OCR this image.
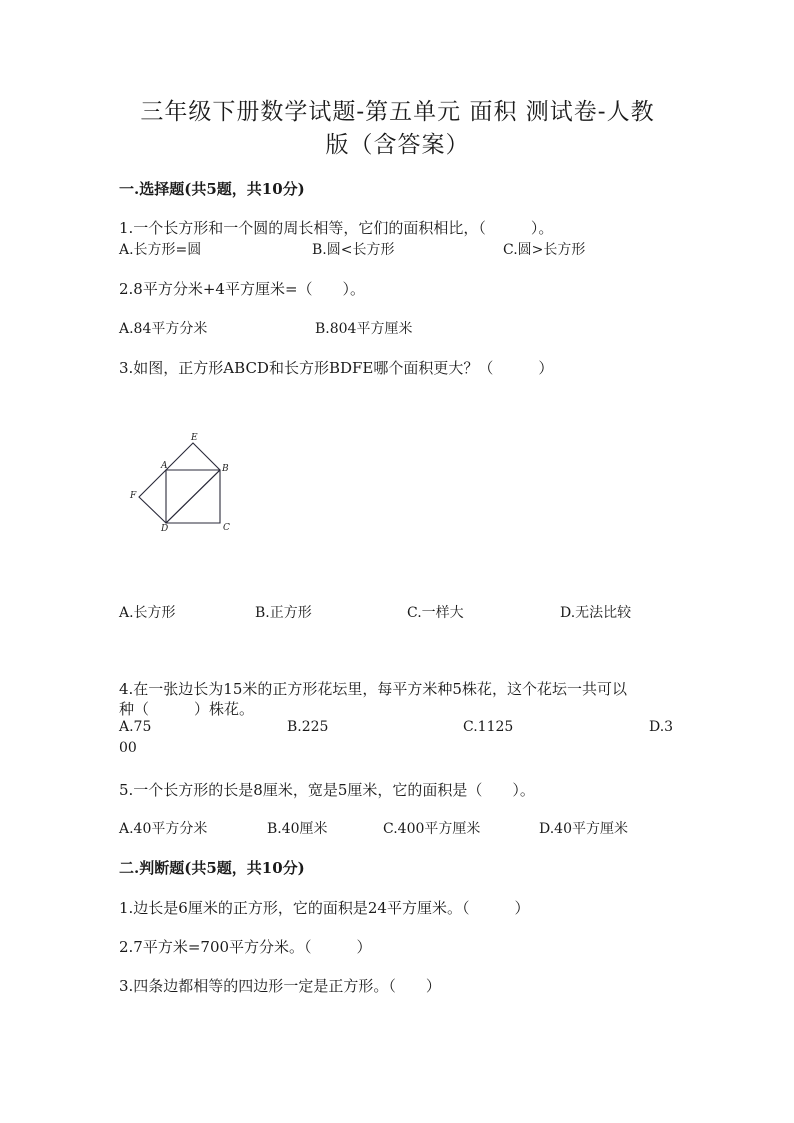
三年级下册数学试题-第五单元 面积 测试卷-人教
版（含答案）
一.选择题(共5题，共10分)
1.一个长方形和一个圆的周长相等，它们的面积相比，（　　　）。
A.长方形=圆	B.圆<长方形	C.圆>长方形
2.8平方分米+4平方厘米=（　　）。
A.84平方分米	B.804平方厘米
3.如图，正方形ABCD和长方形BDFE哪个面积更大？（　　　）
E
A	B
F
D	C
A.长方形	B.正方形	C.一样大	D.无法比较
4.在一张边长为15米的正方形花坛里，每平方米种5株花，这个花坛一共可以
种（　　　）株花。
A.75	B.225	C.1125	D.3
00
5.一个长方形的长是8厘米，宽是5厘米，它的面积是（　　）。
A.40平方分米	B.40厘米	C.400平方厘米	D.40平方厘米
二.判断题(共5题，共10分)
1.边长是6厘米的正方形，它的面积是24平方厘米。（　　　）
2.7平方米=700平方分米。（　　　）
3.四条边都相等的四边形一定是正方形。（　　）
